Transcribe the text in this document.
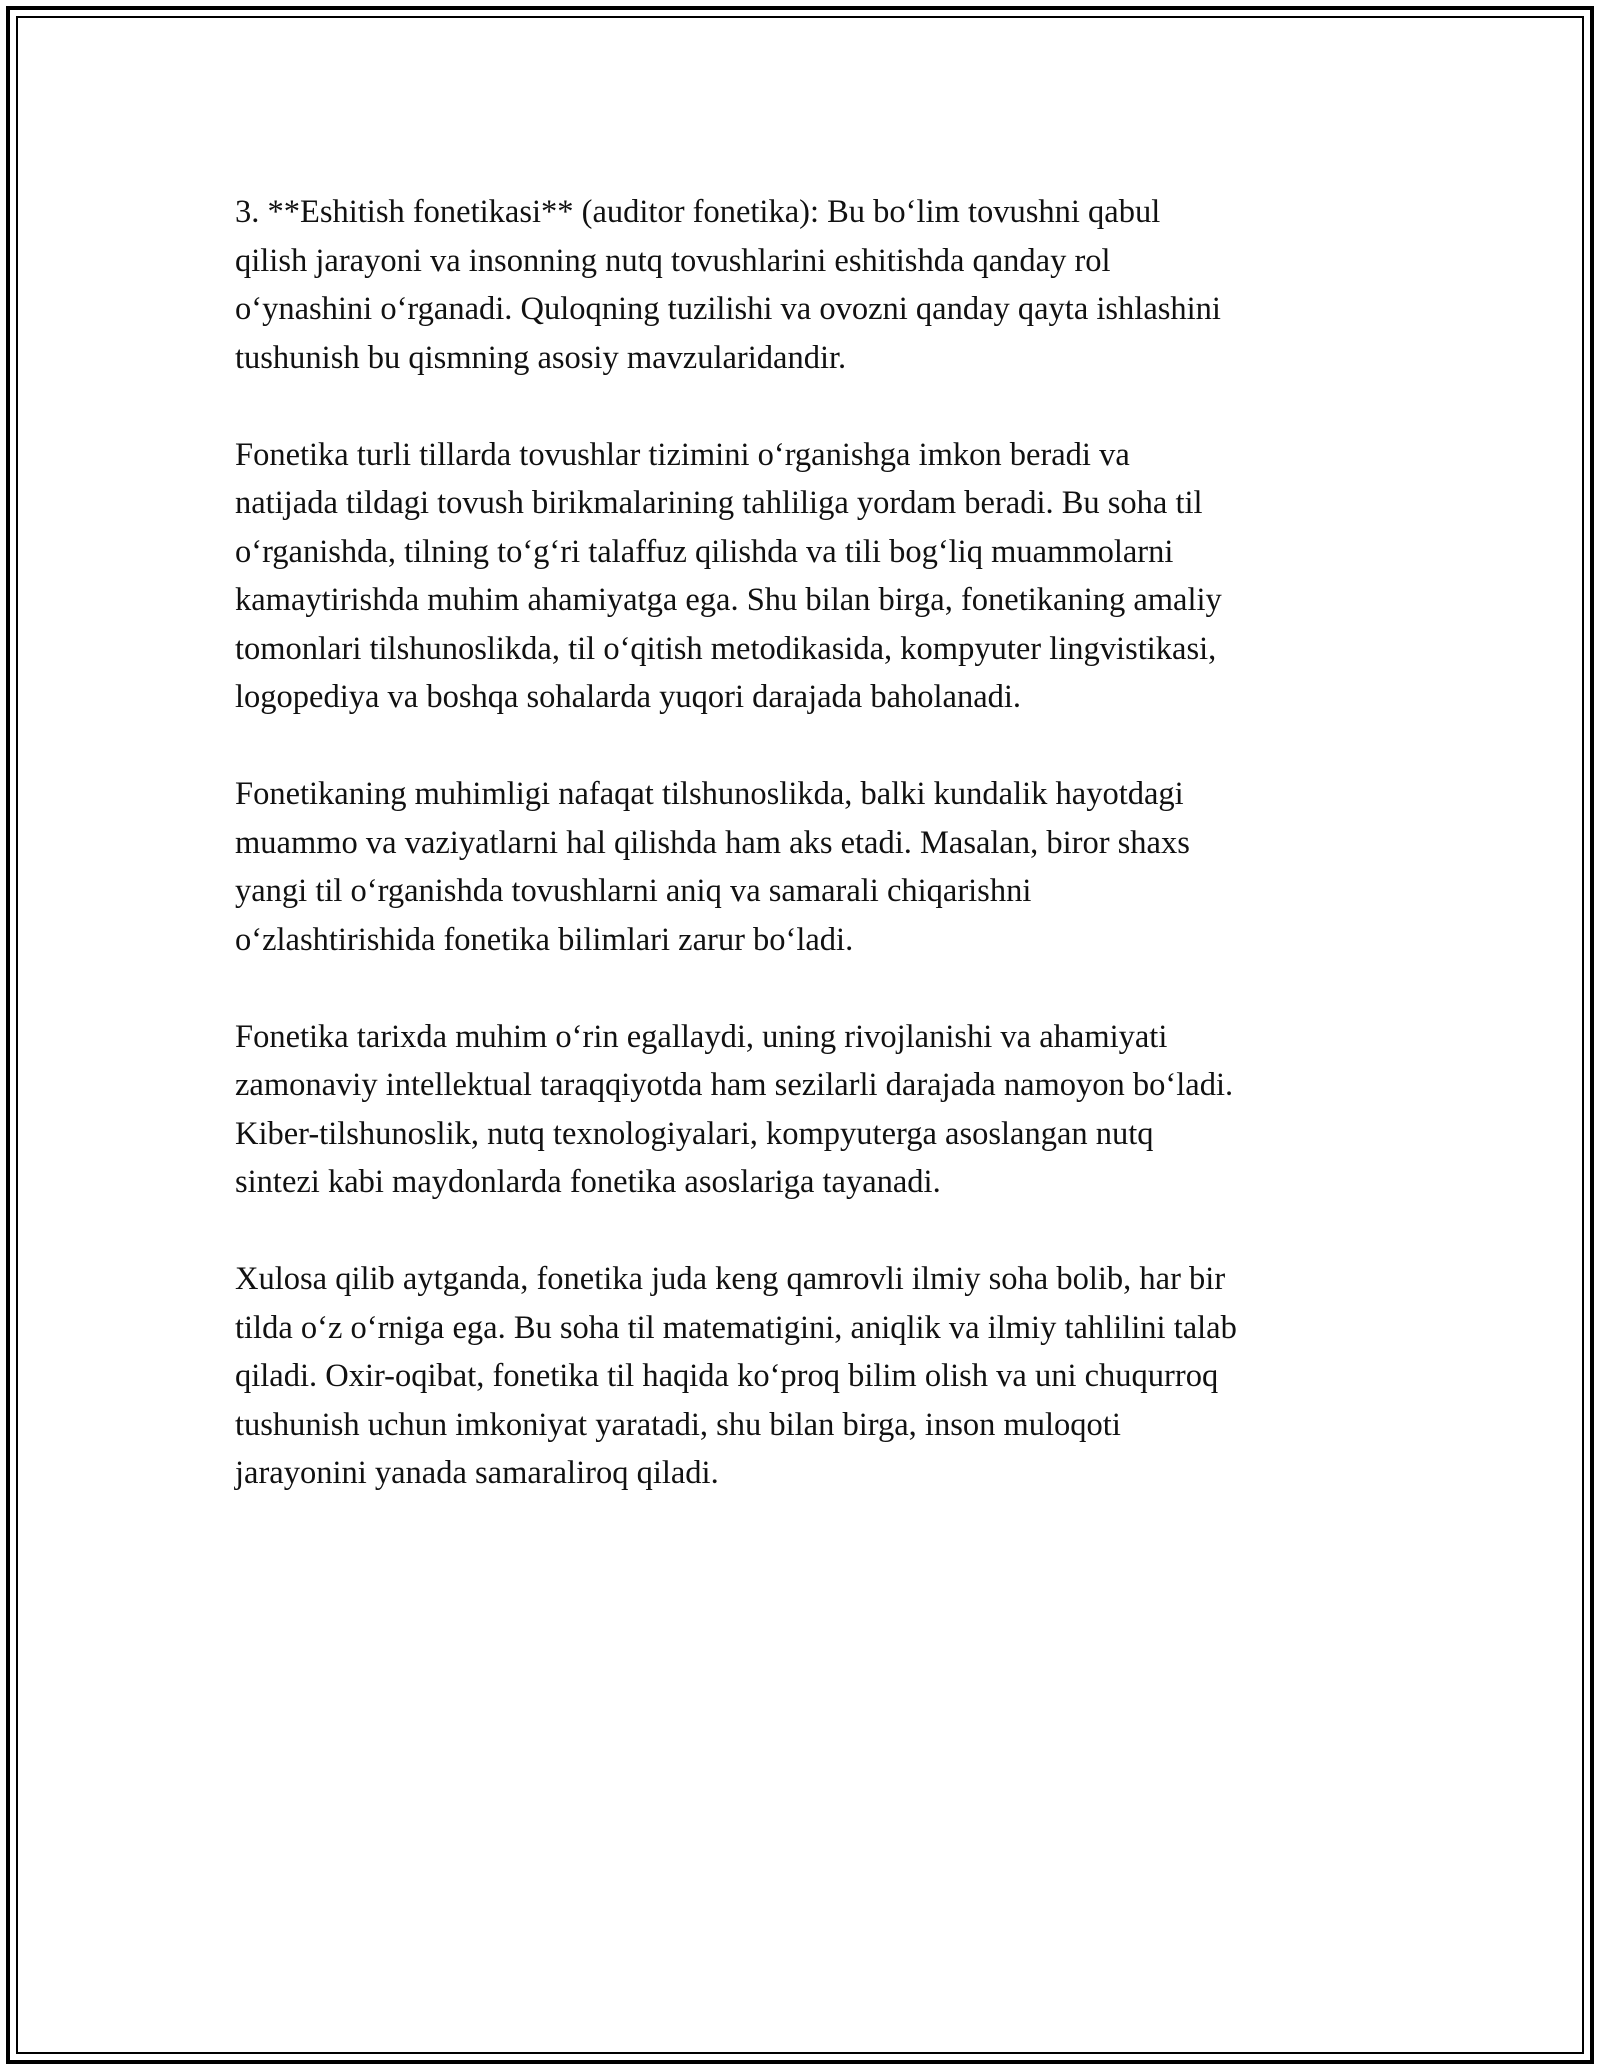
3. **Eshitish fonetikasi** (auditor fonetika): Bu bo‘lim tovushni qabul
qilish jarayoni va insonning nutq tovushlarini eshitishda qanday rol
o‘ynashini o‘rganadi. Quloqning tuzilishi va ovozni qanday qayta ishlashini
tushunish bu qismning asosiy mavzularidandir.

Fonetika turli tillarda tovushlar tizimini o‘rganishga imkon beradi va
natijada tildagi tovush birikmalarining tahliliga yordam beradi. Bu soha til
o‘rganishda, tilning to‘g‘ri talaffuz qilishda va tili bog‘liq muammolarni
kamaytirishda muhim ahamiyatga ega. Shu bilan birga, fonetikaning amaliy
tomonlari tilshunoslikda, til o‘qitish metodikasida, kompyuter lingvistikasi,
logopediya va boshqa sohalarda yuqori darajada baholanadi.

Fonetikaning muhimligi nafaqat tilshunoslikda, balki kundalik hayotdagi
muammo va vaziyatlarni hal qilishda ham aks etadi. Masalan, biror shaxs
yangi til o‘rganishda tovushlarni aniq va samarali chiqarishni
o‘zlashtirishida fonetika bilimlari zarur bo‘ladi.

Fonetika tarixda muhim o‘rin egallaydi, uning rivojlanishi va ahamiyati
zamonaviy intellektual taraqqiyotda ham sezilarli darajada namoyon bo‘ladi.
Kiber-tilshunoslik, nutq texnologiyalari, kompyuterga asoslangan nutq
sintezi kabi maydonlarda fonetika asoslariga tayanadi.

Xulosa qilib aytganda, fonetika juda keng qamrovli ilmiy soha bolib, har bir
tilda o‘z o‘rniga ega. Bu soha til matematigini, aniqlik va ilmiy tahlilini talab
qiladi. Oxir-oqibat, fonetika til haqida ko‘proq bilim olish va uni chuqurroq
tushunish uchun imkoniyat yaratadi, shu bilan birga, inson muloqoti
jarayonini yanada samaraliroq qiladi.
